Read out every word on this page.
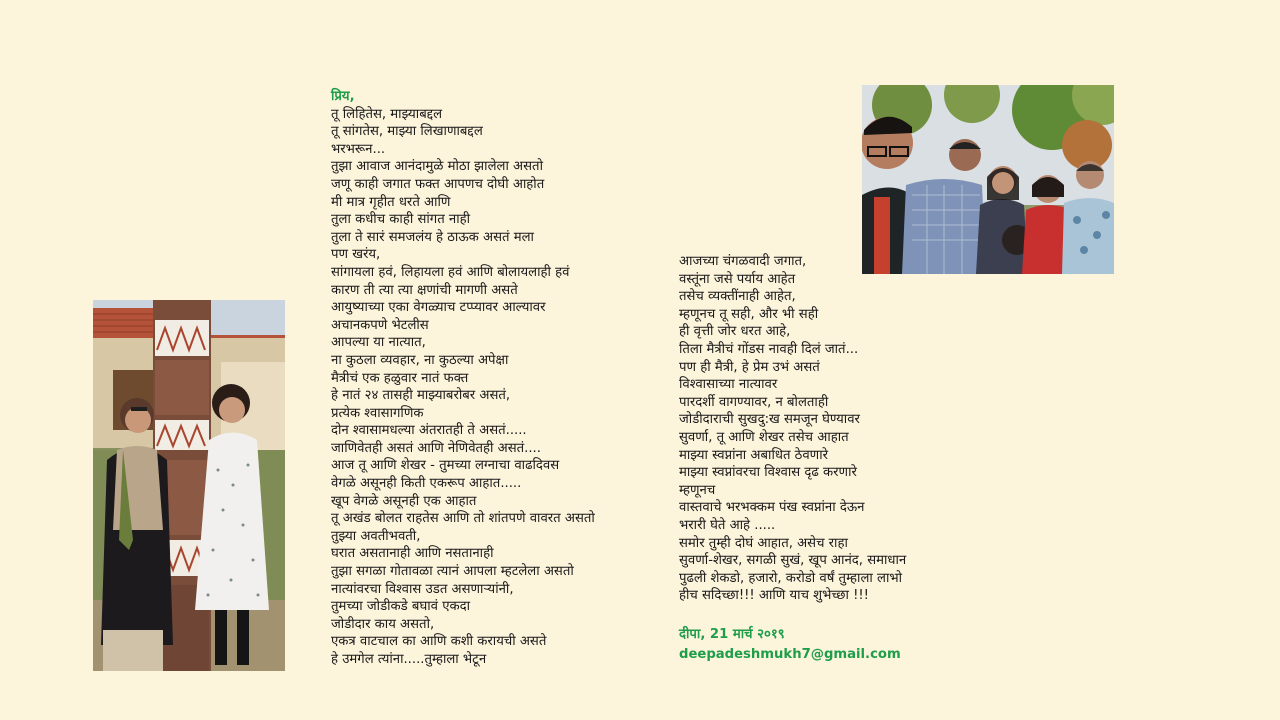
प्रिय,
तू लिहितेस, माझ्याबद्दल
तू सांगतेस, माझ्या लिखाणाबद्दल
भरभरून...
तुझा आवाज आनंदामुळे मोठा झालेला असतो
जणू काही जगात फक्त आपणच दोघी आहोत
मी मात्र गृहीत धरते आणि
तुला कधीच काही सांगत नाही
तुला ते सारं समजलंय हे ठाऊक असतं मला
पण खरंय,
सांगायला हवं, लिहायला हवं आणि बोलायलाही हवं
कारण ती त्या त्या क्षणांची मागणी असते
आयुष्याच्या एका वेगळ्याच टप्प्यावर आल्यावर
अचानकपणे भेटलीस
आपल्या या नात्यात,
ना कुठला व्यवहार, ना कुठल्या अपेक्षा
मैत्रीचं एक हळुवार नातं फक्त
हे नातं २४ तासही माझ्याबरोबर असतं,
प्रत्येक श्वासागणिक
दोन श्वासामधल्या अंतरातही ते असतं.....
जाणिवेतही असतं आणि नेणिवेतही असतं....
आज तू आणि शेखर - तुमच्या लग्नाचा वाढदिवस
वेगळे असूनही किती एकरूप आहात.....
खूप वेगळे असूनही एक आहात
तू अखंड बोलत राहतेस आणि तो शांतपणे वावरत असतो
तुझ्या अवतीभवती,
घरात असतानाही आणि नसतानाही
तुझा सगळा गोतावळा त्यानं आपला म्हटलेला असतो
नात्यांवरचा विश्वास उडत असणाऱ्यांनी,
तुमच्या जोडीकडे बघावं एकदा
जोडीदार काय असतो,
एकत्र वाटचाल का आणि कशी करायची असते
हे उमगेल त्यांना.....तुम्हाला भेटून
आजच्या चंगळवादी जगात,
वस्तूंना जसे पर्याय आहेत
तसेच व्यक्तींनाही आहेत,
म्हणूनच तू सही, और भी सही
ही वृत्ती जोर धरत आहे,
तिला मैत्रीचं गोंडस नावही दिलं जातं...
पण ही मैत्री, हे प्रेम उभं असतं
विश्वासाच्या नात्यावर
पारदर्शी वागण्यावर, न बोलताही
जोडीदाराची सुखदु:ख समजून घेण्यावर
सुवर्णा, तू आणि शेखर तसेच आहात
माझ्या स्वप्नांना अबाधित ठेवणारे
माझ्या स्वप्नांवरचा विश्वास दृढ करणारे
म्हणूनच
वास्तवाचे भरभक्कम पंख स्वप्नांना देऊन
भरारी घेते आहे .....
समोर तुम्ही दोघं आहात, असेच राहा
सुवर्णा-शेखर, सगळी सुखं, खूप आनंद, समाधान
पुढली शेकडो, हजारो, करोडो वर्षं तुम्हाला लाभो
हीच सदिच्छा!!! आणि याच शुभेच्छा !!!
दीपा, 21 मार्च २०१९
deepadeshmukh7@gmail.com
